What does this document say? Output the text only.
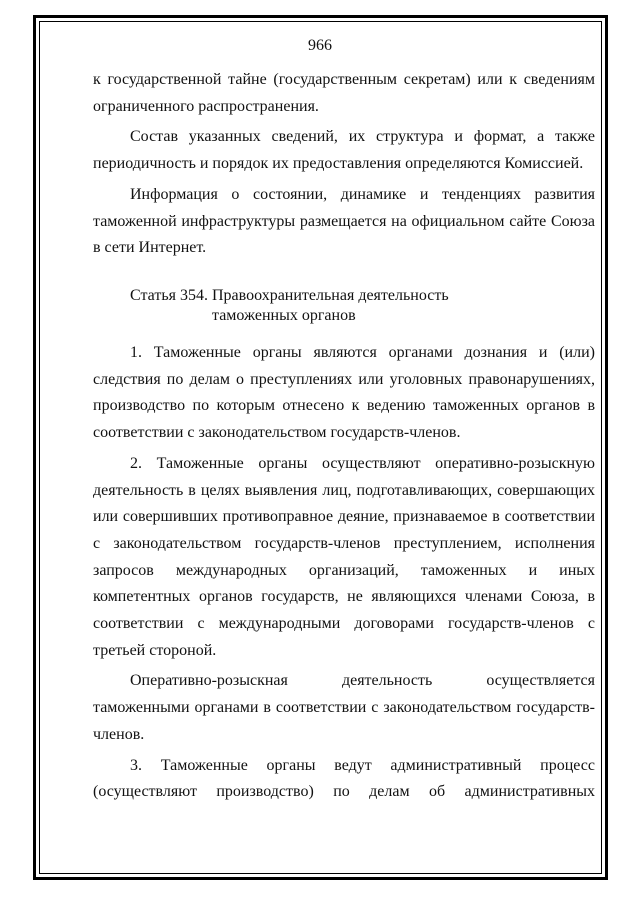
966

к государственной тайне (государственным секретам) или к сведениям ограниченного распространения.

Состав указанных сведений, их структура и формат, а также периодичность и порядок их предоставления определяются Комиссией.

Информация о состоянии, динамике и тенденциях развития таможенной инфраструктуры размещается на официальном сайте Союза в сети Интернет.

Статья 354. Правоохранительная деятельность
таможенных органов

1. Таможенные органы являются органами дознания и (или) следствия по делам о преступлениях или уголовных правонарушениях, производство по которым отнесено к ведению таможенных органов в соответствии с законодательством государств-членов.

2. Таможенные органы осуществляют оперативно-розыскную деятельность в целях выявления лиц, подготавливающих, совершающих или совершивших противоправное деяние, признаваемое в соответствии с законодательством государств-членов преступлением, исполнения запросов международных организаций, таможенных и иных компетентных органов государств, не являющихся членами Союза, в соответствии с международными договорами государств-членов с третьей стороной.

Оперативно-розыскная деятельность осуществляется таможенными органами в соответствии с законодательством государств-членов.

3. Таможенные органы ведут административный процесс (осуществляют производство) по делам об административных
